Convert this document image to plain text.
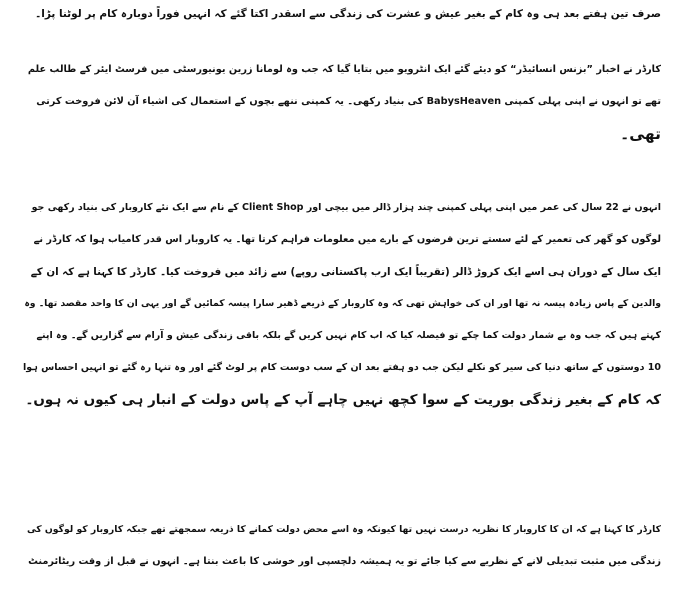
صرف تین ہفتے بعد ہی وہ کام کے بغیر عیش و عشرت کی زندگی سے اسقدر اکتا گئے کہ انہیں فوراً دوبارہ کام پر لوٹنا پڑا۔

کارڈر نے اخبار ”بزنس انسائیڈر“ کو دیئے گئے ایک انٹرویو میں بتایا گیا کہ جب وہ لومانا زرین یونیورسٹی میں فرسٹ ایئر کے طالب علم
تھے تو انہوں نے اپنی پہلی کمپنی BabysHeaven کی بنیاد رکھی۔ یہ کمپنی ننھے بچوں کے استعمال کی اشیاء آن لائن فروخت کرتی
تھی۔

انہوں نے 22 سال کی عمر میں اپنی پہلی کمپنی چند ہزار ڈالر میں بیچی اور Client Shop کے نام سے ایک نئے کاروبار کی بنیاد رکھی جو
لوگوں کو گھر کی تعمیر کے لئے سستے ترین قرضوں کے بارے میں معلومات فراہم کرتا تھا۔ یہ کاروبار اس قدر کامیاب ہوا کہ کارڈر نے
ایک سال کے دوران ہی اسے ایک کروڑ ڈالر (تقریباً ایک ارب پاکستانی روپے) سے زائد میں فروخت کیا۔ کارڈر کا کہنا ہے کہ ان کے
والدین کے پاس زیادہ پیسہ نہ تھا اور ان کی خواہش تھی کہ وہ کاروبار کے ذریعے ڈھیر سارا پیسہ کمائیں گے اور یہی ان کا واحد مقصد تھا۔ وہ
کہتے ہیں کہ جب وہ بے شمار دولت کما چکے تو فیصلہ کیا کہ اب کام نہیں کریں گے بلکہ باقی زندگی عیش و آرام سے گزاریں گے۔ وہ اپنے
10 دوستوں کے ساتھ دنیا کی سیر کو نکلے لیکن جب دو ہفتے بعد ان کے سب دوست کام پر لوٹ گئے اور وہ تنہا رہ گئے تو انہیں احساس ہوا
کہ کام کے بغیر زندگی بوریت کے سوا کچھ نہیں چاہے آپ کے پاس دولت کے انبار ہی کیوں نہ ہوں۔

کارڈر کا کہنا ہے کہ ان کا کاروبار کا نظریہ درست نہیں تھا کیونکہ وہ اسے محض دولت کمانے کا ذریعہ سمجھتے تھے جبکہ کاروبار کو لوگوں کی
زندگی میں مثبت تبدیلی لانے کے نظریے سے کیا جائے تو یہ ہمیشہ دلچسپی اور خوشی کا باعث بنتا ہے۔ انہوں نے قبل از وقت ریٹائرمنٹ
